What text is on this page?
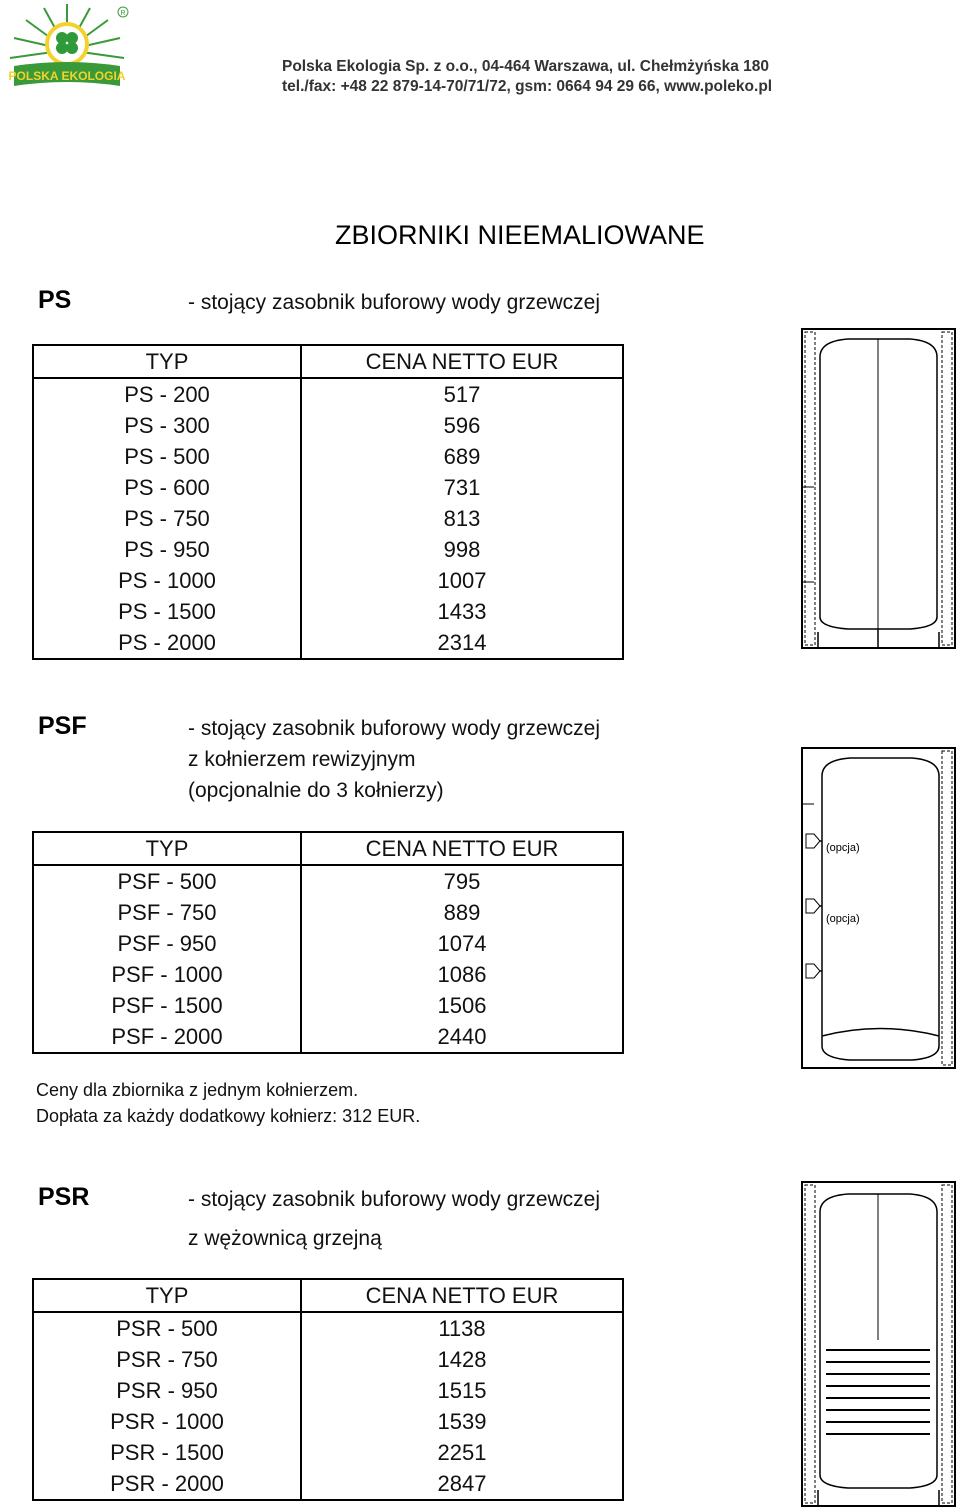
POLSKA EKOLOGIA
R
Polska Ekologia Sp. z o.o., 04-464 Warszawa, ul. Chełmżyńska 180
tel./fax: +48 22 879-14-70/71/72, gsm: 0664 94 29 66, www.poleko.pl
ZBIORNIKI NIEEMALIOWANE
PS	- stojący zasobnik buforowy wody grzewczej
TYP	CENA NETTO EUR
PS - 200	517
PS - 300	596
PS - 500	689
PS - 600	731
PS - 750	813
PS - 950	998
PS - 1000	1007
PS - 1500	1433
PS - 2000	2314
PSF	- stojący zasobnik buforowy wody grzewczej
z kołnierzem rewizyjnym
(opcjonalnie do 3 kołnierzy)
TYP	CENA NETTO EUR
PSF - 500	795
PSF - 750	889
PSF - 950	1074
PSF - 1000	1086
PSF - 1500	1506
PSF - 2000	2440
Ceny dla zbiornika z jednym kołnierzem.
Dopłata za każdy dodatkowy kołnierz: 312 EUR.
(opcja)
(opcja)
PSR	- stojący zasobnik buforowy wody grzewczej
z wężownicą grzejną
TYP	CENA NETTO EUR
PSR - 500	1138
PSR - 750	1428
PSR - 950	1515
PSR - 1000	1539
PSR - 1500	2251
PSR - 2000	2847
